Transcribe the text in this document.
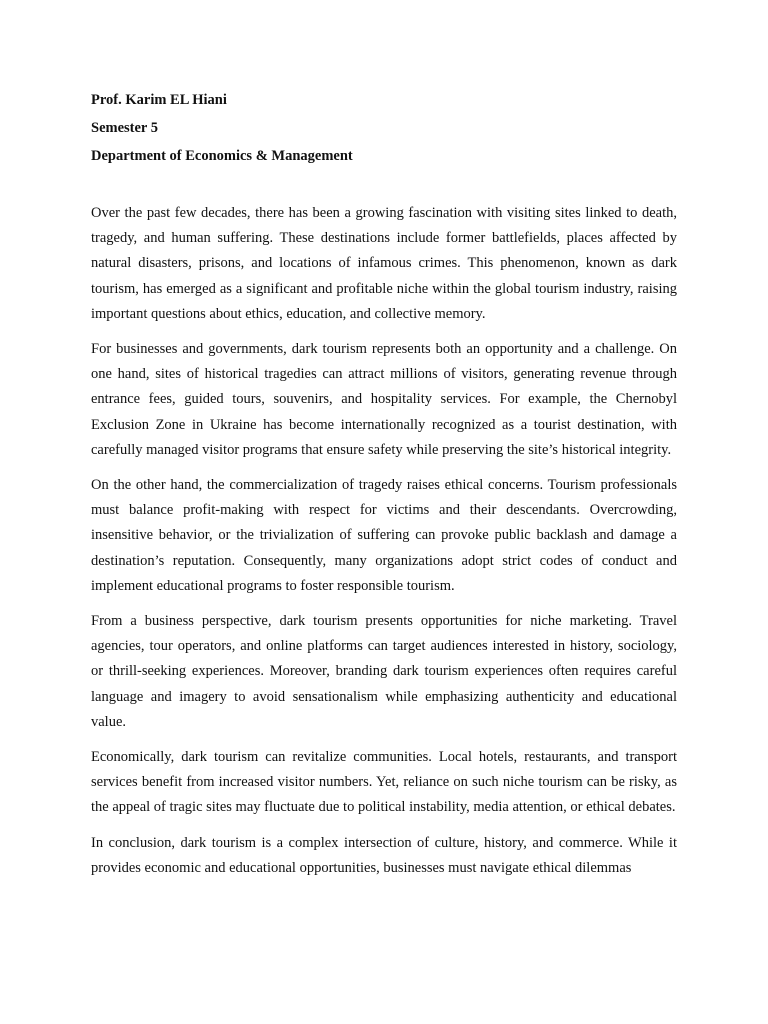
Prof. Karim EL Hiani

Semester 5

Department of Economics & Management

Over the past few decades, there has been a growing fascination with visiting sites linked to death, tragedy, and human suffering. These destinations include former battlefields, places affected by natural disasters, prisons, and locations of infamous crimes. This phenomenon, known as dark tourism, has emerged as a significant and profitable niche within the global tourism industry, raising important questions about ethics, education, and collective memory.

For businesses and governments, dark tourism represents both an opportunity and a challenge. On one hand, sites of historical tragedies can attract millions of visitors, generating revenue through entrance fees, guided tours, souvenirs, and hospitality services. For example, the Chernobyl Exclusion Zone in Ukraine has become internationally recognized as a tourist destination, with carefully managed visitor programs that ensure safety while preserving the site’s historical integrity.

On the other hand, the commercialization of tragedy raises ethical concerns. Tourism professionals must balance profit-making with respect for victims and their descendants. Overcrowding, insensitive behavior, or the trivialization of suffering can provoke public backlash and damage a destination’s reputation. Consequently, many organizations adopt strict codes of conduct and implement educational programs to foster responsible tourism.

From a business perspective, dark tourism presents opportunities for niche marketing. Travel agencies, tour operators, and online platforms can target audiences interested in history, sociology, or thrill-seeking experiences. Moreover, branding dark tourism experiences often requires careful language and imagery to avoid sensationalism while emphasizing authenticity and educational value.

Economically, dark tourism can revitalize communities. Local hotels, restaurants, and transport services benefit from increased visitor numbers. Yet, reliance on such niche tourism can be risky, as the appeal of tragic sites may fluctuate due to political instability, media attention, or ethical debates.

In conclusion, dark tourism is a complex intersection of culture, history, and commerce. While it provides economic and educational opportunities, businesses must navigate ethical dilemmas
